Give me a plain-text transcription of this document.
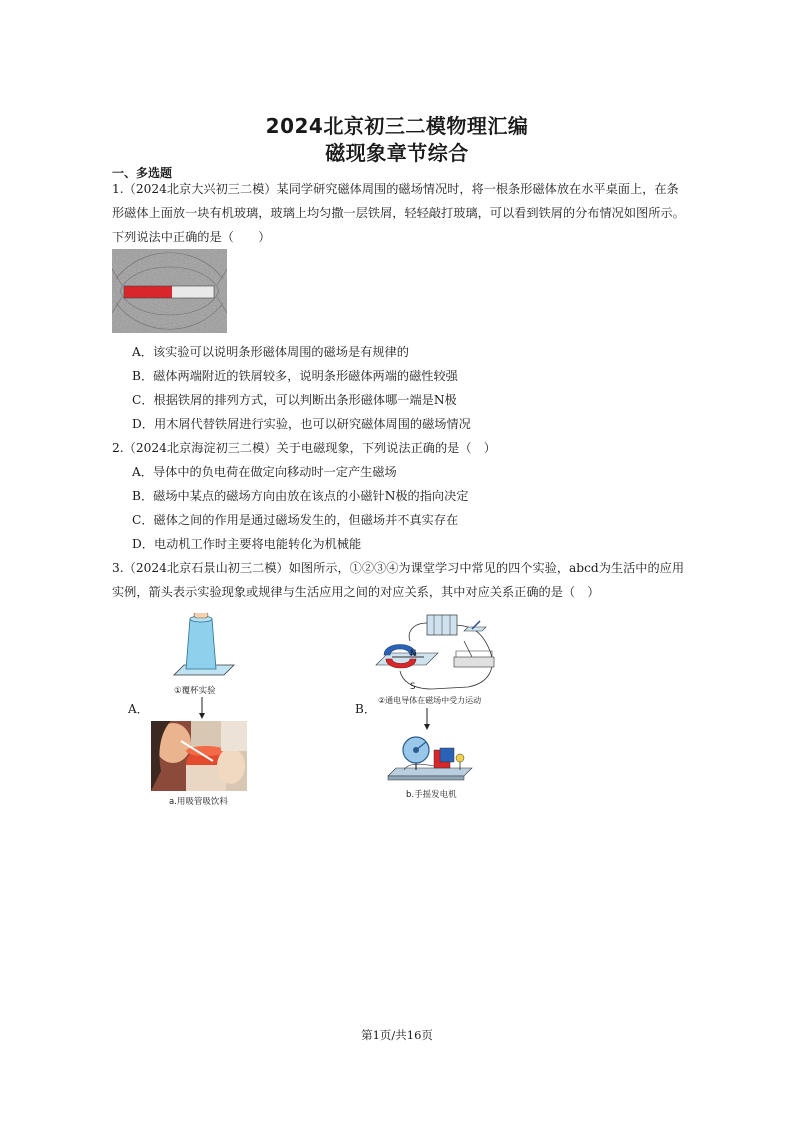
2024北京初三二模物理汇编
磁现象章节综合
一、多选题
1.（2024北京大兴初三二模）某同学研究磁体周围的磁场情况时，将一根条形磁体放在水平桌面上，在条
形磁体上面放一块有机玻璃，玻璃上均匀撒一层铁屑，轻轻敲打玻璃，可以看到铁屑的分布情况如图所示。
下列说法中正确的是（　　）
A．该实验可以说明条形磁体周围的磁场是有规律的
B．磁体两端附近的铁屑较多，说明条形磁体两端的磁性较强
C．根据铁屑的排列方式，可以判断出条形磁体哪一端是N极
D．用木屑代替铁屑进行实验，也可以研究磁体周围的磁场情况
2.（2024北京海淀初三二模）关于电磁现象，下列说法正确的是（　）
A．导体中的负电荷在做定向移动时一定产生磁场
B．磁场中某点的磁场方向由放在该点的小磁针N极的指向决定
C．磁体之间的作用是通过磁场发生的，但磁场并不真实存在
D．电动机工作时主要将电能转化为机械能
3.（2024北京石景山初三二模）如图所示，①②③④为课堂学习中常见的四个实验，abcd为生活中的应用
实例，箭头表示实验现象或规律与生活应用之间的对应关系，其中对应关系正确的是（　）
A．
①覆杯实验
a.用吸管吸饮料
B．
N
S
②通电导体在磁场中受力运动
b.手摇发电机
第1页/共16页
